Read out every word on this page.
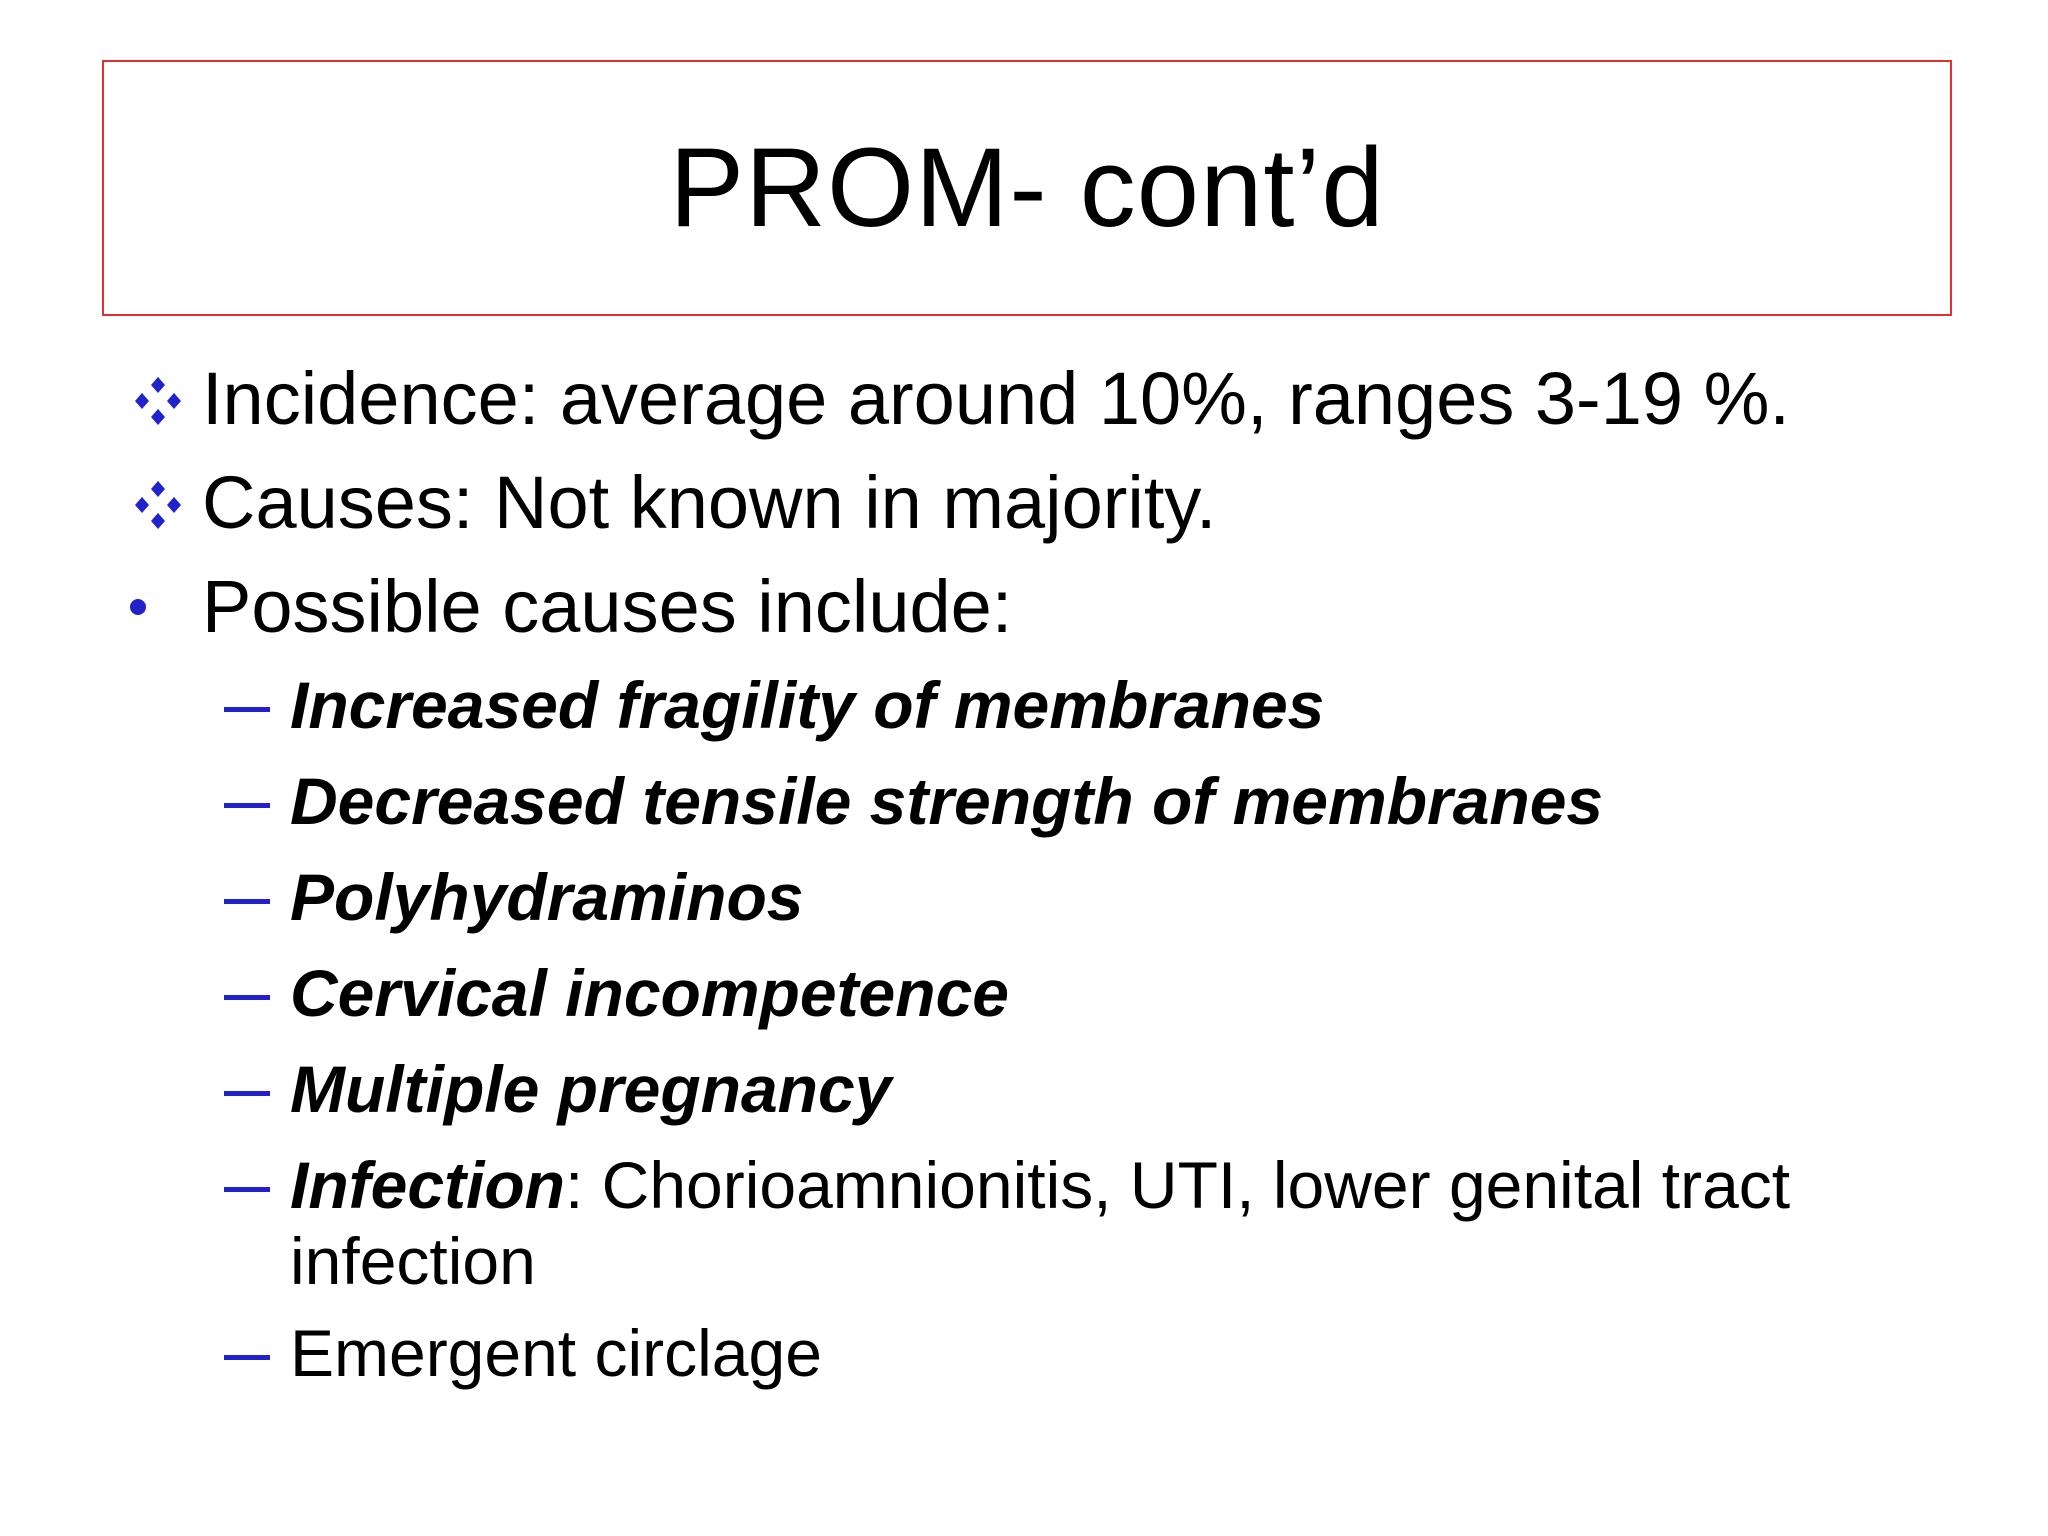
PROM- cont’d
Incidence: average around 10%, ranges 3-19 %.
Causes: Not known in majority.
Possible causes include:
Increased fragility of membranes
Decreased tensile strength of membranes
Polyhydraminos
Cervical incompetence
Multiple pregnancy
Infection: Chorioamnionitis, UTI, lower genital tract infection
Emergent circlage
